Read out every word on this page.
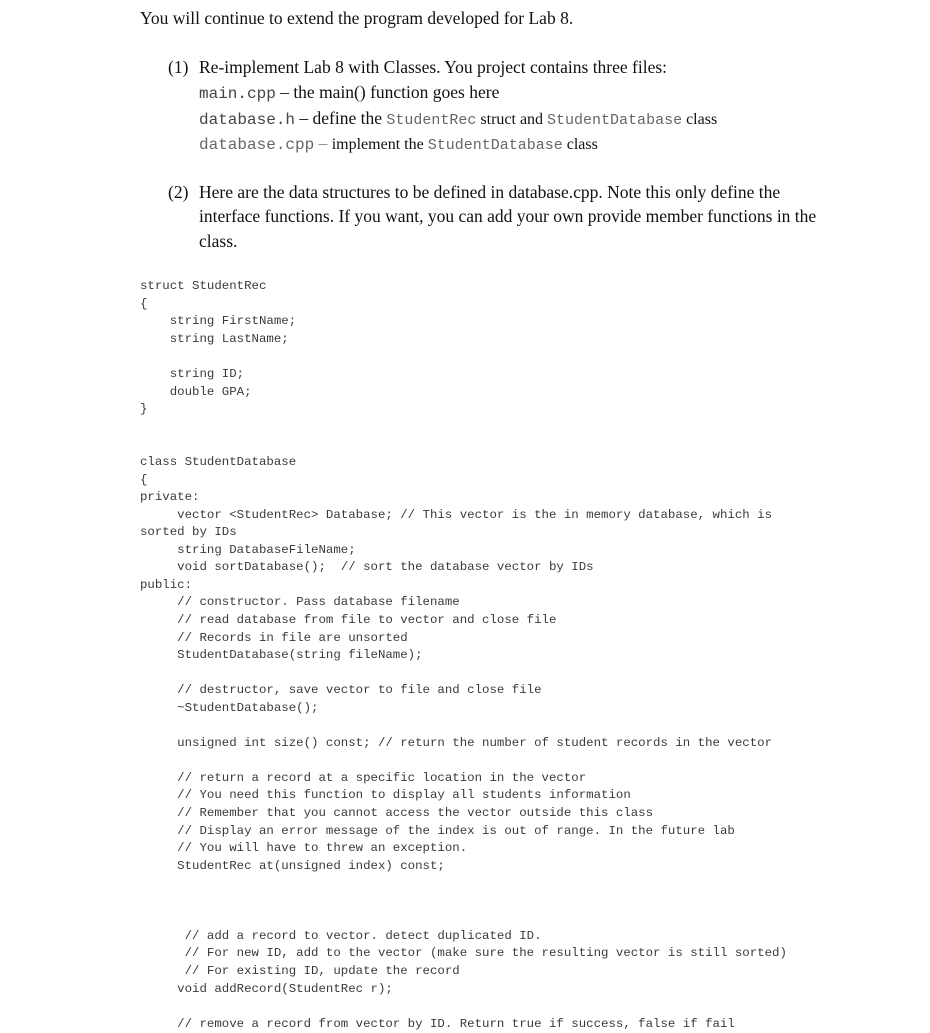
You will continue to extend the program developed for Lab 8.
(1) Re-implement Lab 8 with Classes. You project contains three files:
main.cpp – the main() function goes here
database.h – define the StudentRec struct and StudentDatabase class
database.cpp – implement the StudentDatabase class
(2) Here are the data structures to be defined in database.cpp. Note this only define the
interface functions. If you want, you can add your own provide member functions in the
class.
struct StudentRec
{
string FirstName;
string LastName;
string ID;
double GPA;
}
class StudentDatabase
{
private:
vector <StudentRec> Database; // This vector is the in memory database, which is
sorted by IDs
string DatabaseFileName;
void sortDatabase();  // sort the database vector by IDs
public:
// constructor. Pass database filename
// read database from file to vector and close file
// Records in file are unsorted
StudentDatabase(string fileName);
// destructor, save vector to file and close file
~StudentDatabase();
unsigned int size() const; // return the number of student records in the vector
// return a record at a specific location in the vector
// You need this function to display all students information
// Remember that you cannot access the vector outside this class
// Display an error message of the index is out of range. In the future lab
// You will have to threw an exception.
StudentRec at(unsigned index) const;
// add a record to vector. detect duplicated ID.
// For new ID, add to the vector (make sure the resulting vector is still sorted)
// For existing ID, update the record
void addRecord(StudentRec r);
// remove a record from vector by ID. Return true if success, false if fail
